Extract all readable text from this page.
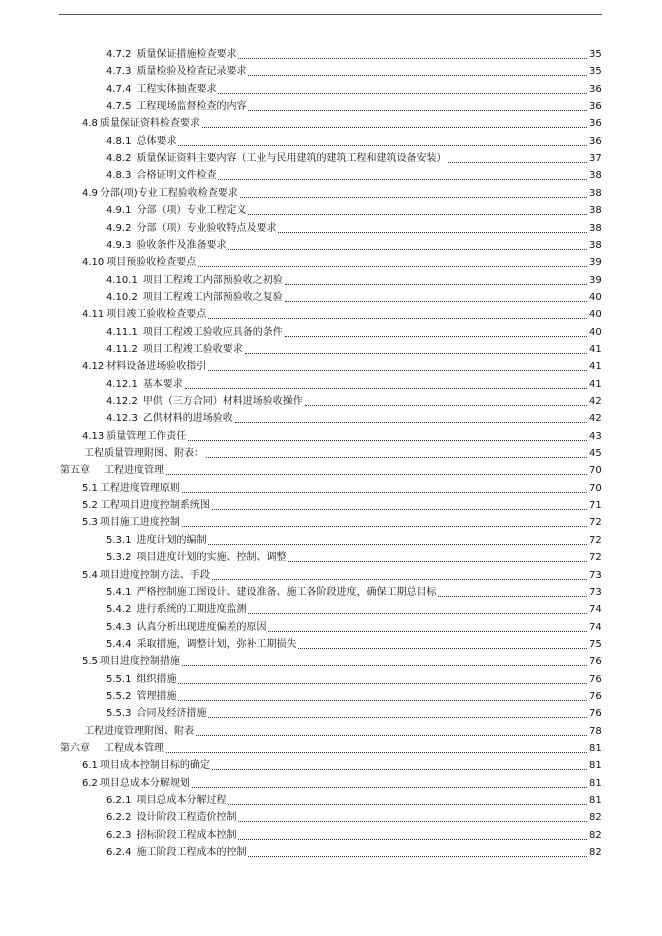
4.7.2 质量保证措施检查要求	35
4.7.3 质量检验及检查记录要求	35
4.7.4 工程实体抽查要求	36
4.7.5 工程现场监督检查的内容	36
4.8 质量保证资料检查要求	36
4.8.1 总体要求	36
4.8.2 质量保证资料主要内容（工业与民用建筑的建筑工程和建筑设备安装）	37
4.8.3 合格证明文件检查	38
4.9 分部(项)专业工程验收检查要求	38
4.9.1 分部（项）专业工程定义	38
4.9.2 分部（项）专业验收特点及要求	38
4.9.3 验收条件及准备要求	38
4.10 项目预验收检查要点	39
4.10.1 项目工程竣工内部预验收之初验	39
4.10.2 项目工程竣工内部预验收之复验	40
4.11 项目竣工验收检查要点	40
4.11.1 项目工程竣工验收应具备的条件	40
4.11.2 项目工程竣工验收要求	41
4.12 材料设备进场验收指引	41
4.12.1 基本要求	41
4.12.2 甲供（三方合同）材料进场验收操作	42
4.12.3 乙供材料的进场验收	42
4.13 质量管理工作责任	43
工程质量管理附图、附表：	45
第五章 工程进度管理	70
5.1 工程进度管理原则	70
5.2 工程项目进度控制系统图	71
5.3 项目施工进度控制	72
5.3.1 进度计划的编制	72
5.3.2 项目进度计划的实施、控制、调整	72
5.4 项目进度控制方法、手段	73
5.4.1 严格控制施工图设计、建设准备、施工各阶段进度，确保工期总目标	73
5.4.2 进行系统的工期进度监测	74
5.4.3 认真分析出现进度偏差的原因	74
5.4.4 采取措施，调整计划，弥补工期损失	75
5.5 项目进度控制措施	76
5.5.1 组织措施	76
5.5.2 管理措施	76
5.5.3 合同及经济措施	76
工程进度管理附图、附表	78
第六章 工程成本管理	81
6.1 项目成本控制目标的确定	81
6.2 项目总成本分解规划	81
6.2.1 项目总成本分解过程	81
6.2.2 设计阶段工程造价控制	82
6.2.3 招标阶段工程成本控制	82
6.2.4 施工阶段工程成本的控制	82
